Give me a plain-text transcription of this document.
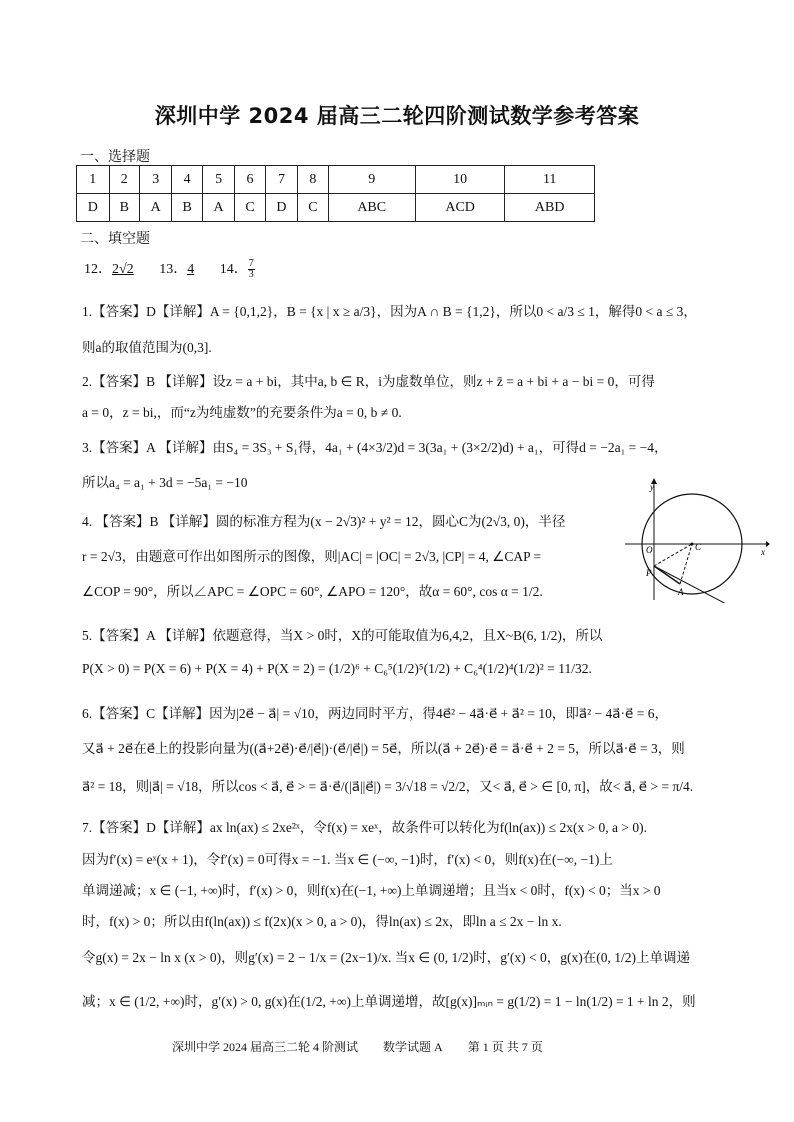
深圳中学 2024 届高三二轮四阶测试数学参考答案
一、选择题
1	2	3	4	5	6	7	8	9	10	11
D	B	A	B	A	C	D	C	ABC	ACD	ABD
二、填空题
12．2√2 13．4 14． $\frac{7}{3}$
1.【答案】D【详解】A = {0,1,2}，B = {x | x ≥ a/3}，因为A ∩ B = {1,2}，所以0 < a/3 ≤ 1，解得0 < a ≤ 3，
则a的取值范围为(0,3].
2.【答案】B 【详解】设z = a + bi，其中a, b ∈ R，i为虚数单位，则z + z̄ = a + bi + a − bi = 0，可得
a = 0，z = bi,，而“z为纯虚数”的充要条件为a = 0, b ≠ 0.
3.【答案】A 【详解】由S₄ = 3S₃ + S₁得，4a₁ + (4×3/2)d = 3(3a₁ + (3×2/2)d) + a₁，可得d = −2a₁ = −4，
所以a₄ = a₁ + 3d = −5a₁ = −10
4. 【答案】B 【详解】圆的标准方程为(x − 2√3)² + y² = 12，圆心C为(2√3, 0)，半径
r = 2√3，由题意可作出如图所示的图像，则|AC| = |OC| = 2√3, |CP| = 4, ∠CAP =
∠COP = 90°，所以∠APC = ∠OPC = 60°, ∠APO = 120°，故α = 60°, cos α = 1/2.
5.【答案】A 【详解】依题意得，当X > 0时，X的可能取值为6,4,2，且X~B(6, 1/2)，所以
P(X > 0) = P(X = 6) + P(X = 4) + P(X = 2) = (1/2)⁶ + C₆⁵(1/2)⁵(1/2) + C₆⁴(1/2)⁴(1/2)² = 11/32.
6.【答案】C【详解】因为|2e⃗ − a⃗| = √10，两边同时平方，得4e⃗² − 4a⃗·e⃗ + a⃗² = 10，即a⃗² − 4a⃗·e⃗ = 6，
又a⃗ + 2e⃗在e⃗上的投影向量为((a⃗+2e⃗)·e⃗/|e⃗|)·(e⃗/|e⃗|) = 5e⃗，所以(a⃗ + 2e⃗)·e⃗ = a⃗·e⃗ + 2 = 5，所以a⃗·e⃗ = 3，则
a⃗² = 18，则|a⃗| = √18，所以cos < a⃗, e⃗ > = a⃗·e⃗/(|a⃗||e⃗|) = 3/√18 = √2/2，又< a⃗, e⃗ > ∈ [0, π]，故< a⃗, e⃗ > = π/4.
7.【答案】D【详解】ax ln(ax) ≤ 2xe²ˣ，令f(x) = xeˣ，故条件可以转化为f(ln(ax)) ≤ 2x(x > 0, a > 0).
因为f′(x) = eˣ(x + 1)，令f′(x) = 0可得x = −1. 当x ∈ (−∞, −1)时，f′(x) < 0，则f(x)在(−∞, −1)上
单调递减；x ∈ (−1, +∞)时，f′(x) > 0，则f(x)在(−1, +∞)上单调递增；且当x < 0时，f(x) < 0；当x > 0
时，f(x) > 0；所以由f(ln(ax)) ≤ f(2x)(x > 0, a > 0)，得ln(ax) ≤ 2x，即ln a ≤ 2x − ln x.
令g(x) = 2x − ln x (x > 0)，则g′(x) = 2 − 1/x = (2x−1)/x. 当x ∈ (0, 1/2)时，g′(x) < 0，g(x)在(0, 1/2)上单调递
减；x ∈ (1/2, +∞)时，g′(x) > 0, g(x)在(1/2, +∞)上单调递增，故[g(x)]ₘᵢₙ = g(1/2) = 1 − ln(1/2) = 1 + ln 2，则
y
x
O	C
P
A
深圳中学 2024 届高三二轮 4 阶测试 数学试题 A 第 1 页 共 7 页
